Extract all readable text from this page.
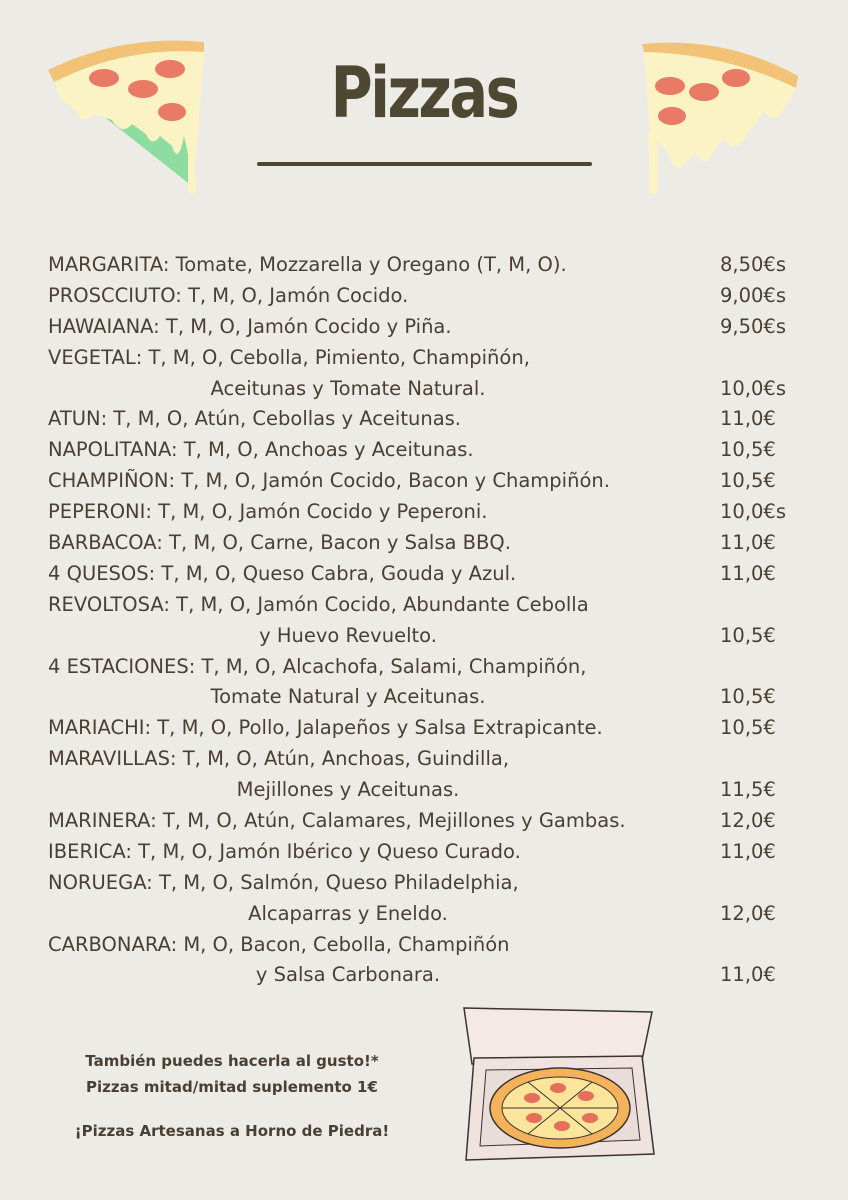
Pizzas
MARGARITA: Tomate, Mozzarella y Oregano (T, M, O).	8,50€s
PROSCCIUTO: T, M, O, Jamón Cocido.	9,00€s
HAWAIANA: T, M, O, Jamón Cocido y Piña.	9,50€s
VEGETAL: T, M, O, Cebolla, Pimiento, Champiñón,
Aceitunas y Tomate Natural.	10,0€s
ATUN: T, M, O, Atún, Cebollas y Aceitunas.	11,0€
NAPOLITANA: T, M, O, Anchoas y Aceitunas.	10,5€
CHAMPIÑON: T, M, O, Jamón Cocido, Bacon y Champiñón.	10,5€
PEPERONI: T, M, O, Jamón Cocido y Peperoni.	10,0€s
BARBACOA: T, M, O, Carne, Bacon y Salsa BBQ.	11,0€
4 QUESOS: T, M, O, Queso Cabra, Gouda y Azul.	11,0€
REVOLTOSA: T, M, O, Jamón Cocido, Abundante Cebolla
y Huevo Revuelto.	10,5€
4 ESTACIONES: T, M, O, Alcachofa, Salami, Champiñón,
Tomate Natural y Aceitunas.	10,5€
MARIACHI: T, M, O, Pollo, Jalapeños y Salsa Extrapicante.	10,5€
MARAVILLAS: T, M, O, Atún, Anchoas, Guindilla,
Mejillones y Aceitunas.	11,5€
MARINERA: T, M, O, Atún, Calamares, Mejillones y Gambas.	12,0€
IBERICA: T, M, O, Jamón Ibérico y Queso Curado.	11,0€
NORUEGA: T, M, O, Salmón, Queso Philadelphia,
Alcaparras y Eneldo.	12,0€
CARBONARA: M, O, Bacon, Cebolla, Champiñón
y Salsa Carbonara.	11,0€
También puedes hacerla al gusto!*
Pizzas mitad/mitad suplemento 1€
¡Pizzas Artesanas a Horno de Piedra!
